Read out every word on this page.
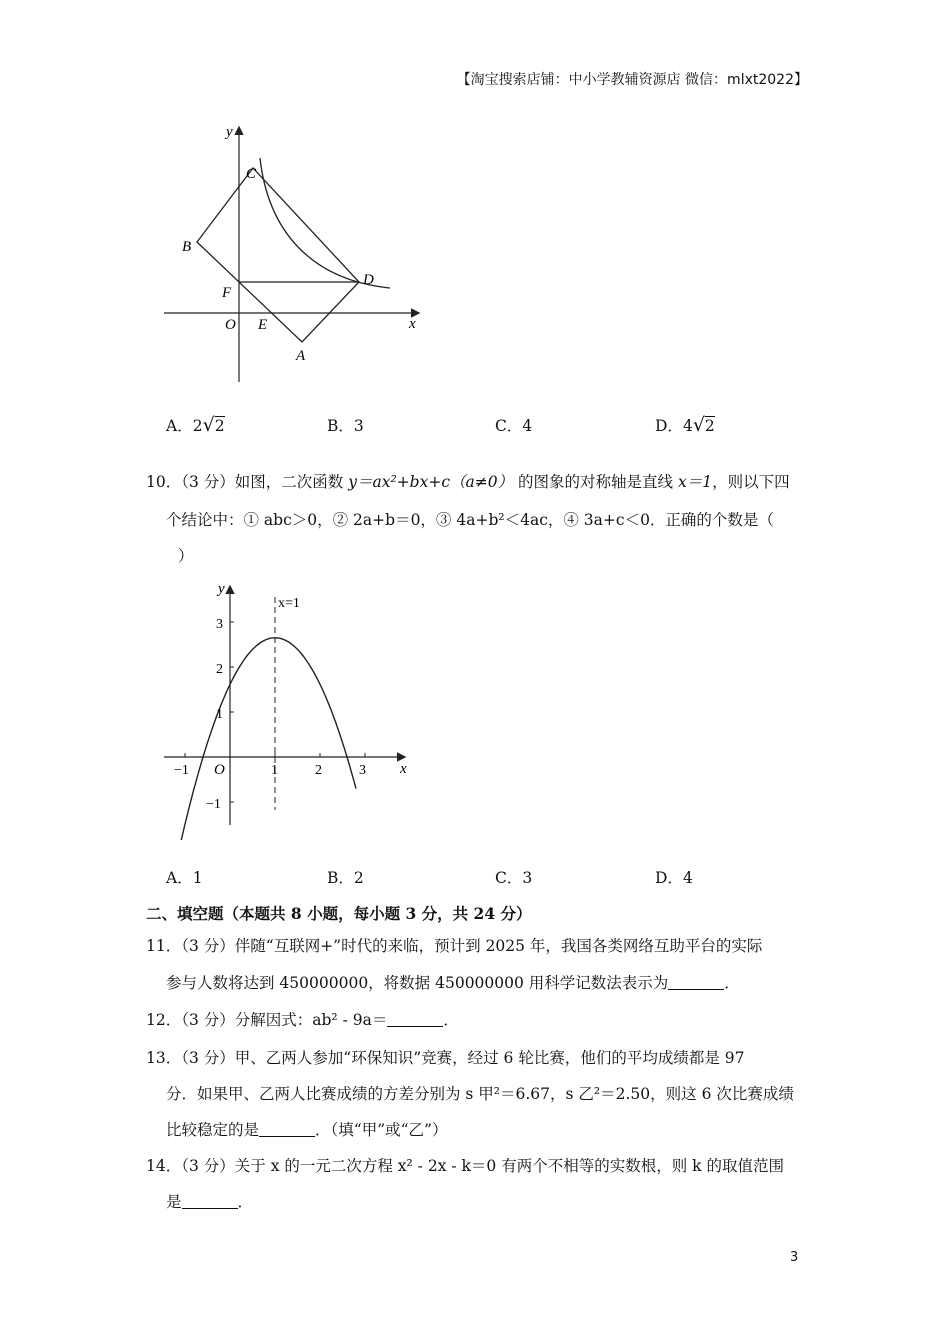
【淘宝搜索店铺：中小学教辅资源店 微信：mlxt2022】
y
x
C
B
D
F
O E
A
A．2√2	B．3	C．4	D．4√2
10．（3 分）如图，二次函数 y＝ax²+bx+c（a≠0） 的图象的对称轴是直线 x＝1，则以下四
个结论中：① abc＞0，② 2a+b＝0，③ 4a+b²＜4ac，④ 3a+c＜0．正确的个数是（
）
y
x
x=1
O
−1	1	2	3
3
2
1
−1
A．1	B．2	C．3	D．4
二、填空题（本题共 8 小题，每小题 3 分，共 24 分）
11．（3 分）伴随“互联网+”时代的来临，预计到 2025 年，我国各类网络互助平台的实际
参与人数将达到 450000000，将数据 450000000 用科学记数法表示为	．
12．（3 分）分解因式：ab² ‑ 9a＝	．
13．（3 分）甲、乙两人参加“环保知识”竞赛，经过 6 轮比赛，他们的平均成绩都是 97
分．如果甲、乙两人比赛成绩的方差分别为 s 甲²＝6.67，s 乙²＝2.50，则这 6 次比赛成绩
比较稳定的是	．（填“甲”或“乙”）
14．（3 分）关于 x 的一元二次方程 x² ‑ 2x ‑ k＝0 有两个不相等的实数根，则 k 的取值范围
是	．
3
